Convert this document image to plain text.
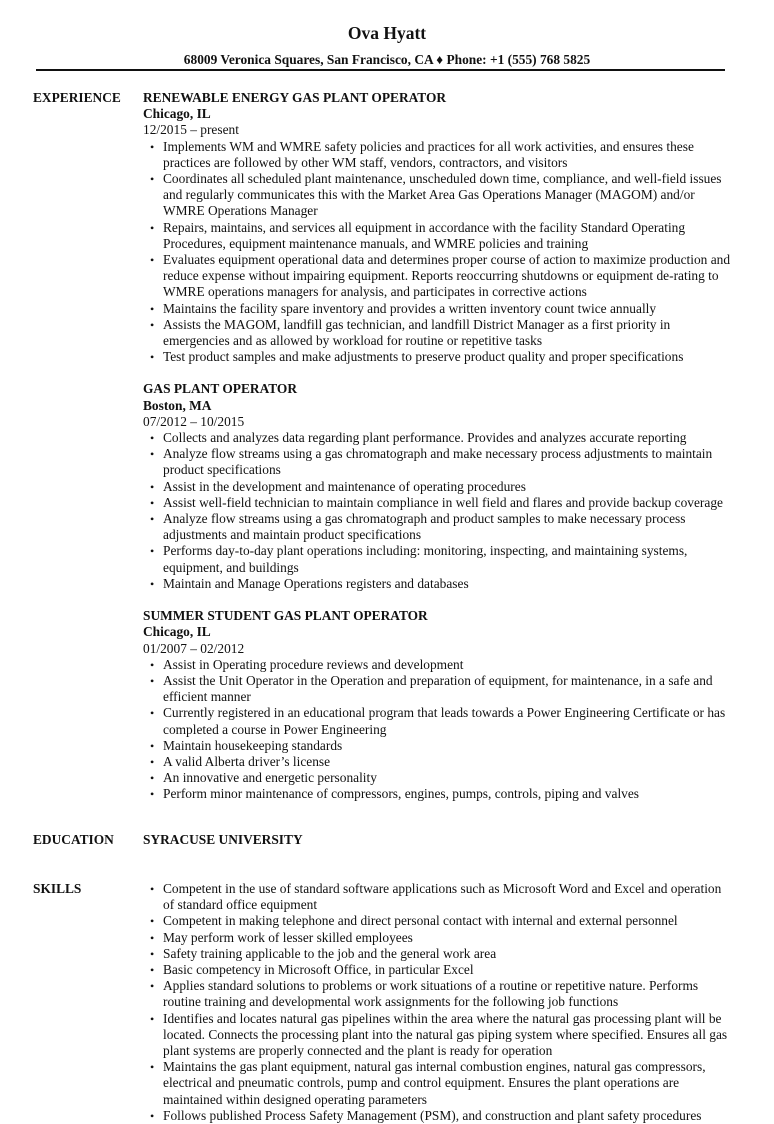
Ova Hyatt
68009 Veronica Squares, San Francisco, CA ♦ Phone: +1 (555) 768 5825
EXPERIENCE RENEWABLE ENERGY GAS PLANT OPERATOR
Chicago, IL
12/2015 – present
• Implements WM and WMRE safety policies and practices for all work activities, and ensures these practices are followed by other WM staff, vendors, contractors, and visitors
• Coordinates all scheduled plant maintenance, unscheduled down time, compliance, and well-field issues and regularly communicates this with the Market Area Gas Operations Manager (MAGOM) and/or WMRE Operations Manager
• Repairs, maintains, and services all equipment in accordance with the facility Standard Operating Procedures, equipment maintenance manuals, and WMRE policies and training
• Evaluates equipment operational data and determines proper course of action to maximize production and reduce expense without impairing equipment. Reports reoccurring shutdowns or equipment de-rating to WMRE operations managers for analysis, and participates in corrective actions
• Maintains the facility spare inventory and provides a written inventory count twice annually
• Assists the MAGOM, landfill gas technician, and landfill District Manager as a first priority in emergencies and as allowed by workload for routine or repetitive tasks
• Test product samples and make adjustments to preserve product quality and proper specifications
GAS PLANT OPERATOR
Boston, MA
07/2012 – 10/2015
• Collects and analyzes data regarding plant performance. Provides and analyzes accurate reporting
• Analyze flow streams using a gas chromatograph and make necessary process adjustments to maintain product specifications
• Assist in the development and maintenance of operating procedures
• Assist well-field technician to maintain compliance in well field and flares and provide backup coverage
• Analyze flow streams using a gas chromatograph and product samples to make necessary process adjustments and maintain product specifications
• Performs day-to-day plant operations including: monitoring, inspecting, and maintaining systems, equipment, and buildings
• Maintain and Manage Operations registers and databases
SUMMER STUDENT GAS PLANT OPERATOR
Chicago, IL
01/2007 – 02/2012
• Assist in Operating procedure reviews and development
• Assist the Unit Operator in the Operation and preparation of equipment, for maintenance, in a safe and efficient manner
• Currently registered in an educational program that leads towards a Power Engineering Certificate or has completed a course in Power Engineering
• Maintain housekeeping standards
• A valid Alberta driver’s license
• An innovative and energetic personality
• Perform minor maintenance of compressors, engines, pumps, controls, piping and valves
EDUCATION SYRACUSE UNIVERSITY
SKILLS	• Competent in the use of standard software applications such as Microsoft Word and Excel and operation of standard office equipment
• Competent in making telephone and direct personal contact with internal and external personnel
• May perform work of lesser skilled employees
• Safety training applicable to the job and the general work area
• Basic competency in Microsoft Office, in particular Excel
• Applies standard solutions to problems or work situations of a routine or repetitive nature. Performs routine training and developmental work assignments for the following job functions
• Identifies and locates natural gas pipelines within the area where the natural gas processing plant will be located. Connects the processing plant into the natural gas piping system where specified. Ensures all gas plant systems are properly connected and the plant is ready for operation
• Maintains the gas plant equipment, natural gas internal combustion engines, natural gas compressors, electrical and pneumatic controls, pump and control equipment. Ensures the plant operations are maintained within designed operating parameters
• Follows published Process Safety Management (PSM), and construction and plant safety procedures
